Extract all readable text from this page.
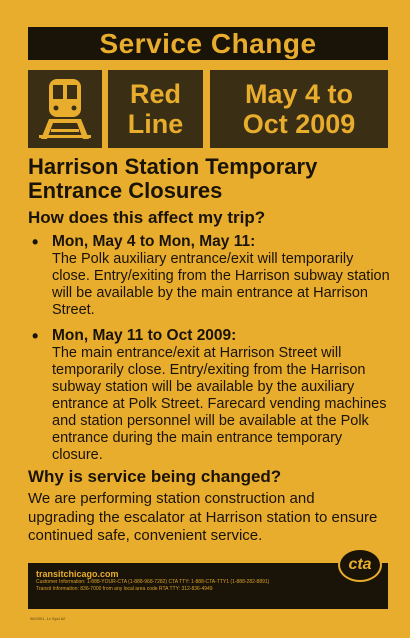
Service Change
Red
Line
May 4 to
Oct 2009
Harrison Station Temporary
Entrance Closures
How does this affect my trip?
• Mon, May 4 to Mon, May 11:
The Polk auxiliary entrance/exit will temporarily close. Entry/exiting from the Harrison subway station will be available by the main entrance at Harrison Street.
• Mon, May 11 to Oct 2009:
The main entrance/exit at Harrison Street will temporarily close. Entry/exiting from the Harrison subway station will be available by the auxiliary entrance at Polk Street. Farecard vending machines and station personnel will be available at the Polk entrance during the main entrance temporary closure.
Why is service being changed?
We are performing station construction and upgrading the escalator at Harrison station to ensure continued safe, convenient service.
transitchicago.com
Customer Information: 1-888-YOUR-CTA (1-888-968-7282) CTA TTY: 1-888-CTA-TTY1 (1-888-282-8891)
Transit Information: 836-7000 from any local area code RTA TTY: 312-836-4949
cta
06/2001, 1x Spcl #2
